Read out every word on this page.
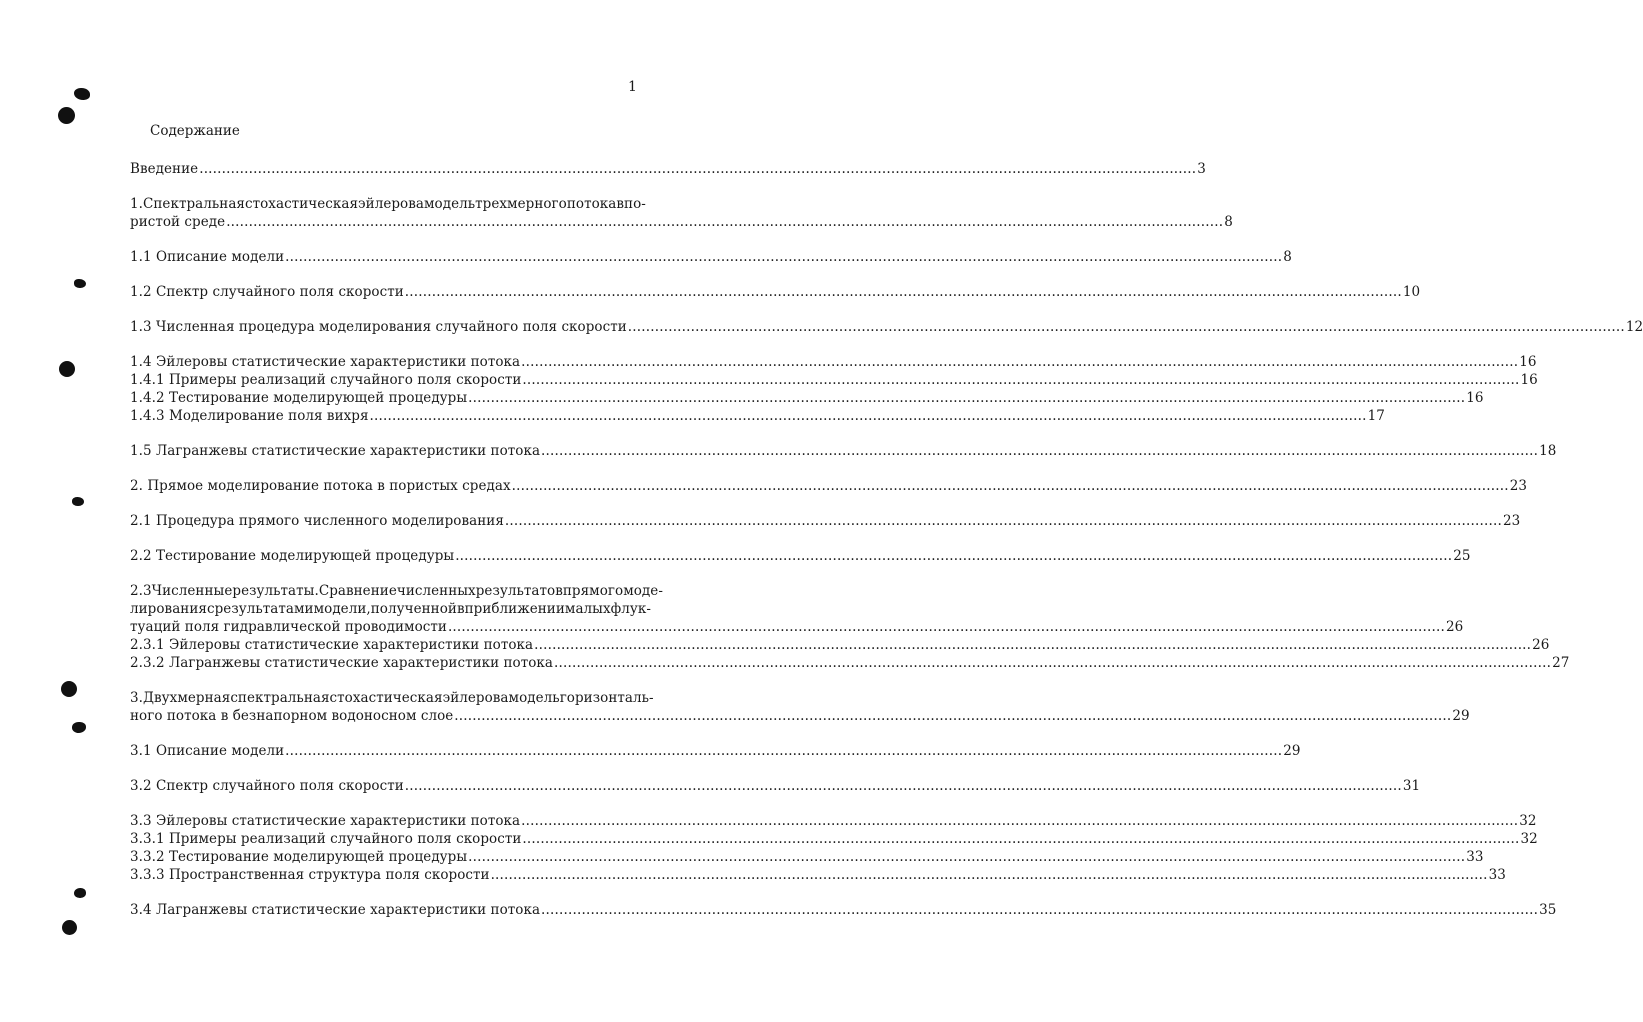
1
Содержание
Введение .....	3
1. Спектральная стохастическая эйлерова модель трехмерного потока в по-
ристой среде .....	8
1.1 Описание модели .....	8
1.2 Спектр случайного поля скорости .....	10
1.3 Численная процедура моделирования случайного поля скорости .....	12
1.4 Эйлеровы статистические характеристики потока .....	16
1.4.1 Примеры реализаций случайного поля скорости .....	16
1.4.2 Тестирование моделирующей процедуры .....	16
1.4.3 Моделирование поля вихря .....	17
1.5 Лагранжевы статистические характеристики потока .....	18
2. Прямое моделирование потока в пористых средах .....	23
2.1 Процедура прямого численного моделирования .....	23
2.2 Тестирование моделирующей процедуры .....	25
2.3 Численные результаты. Сравнение численных результатов прямого моде-
лирования с результатами модели, полученной в приближении малых флук-
туаций поля гидравлической проводимости .....	26
2.3.1 Эйлеровы статистические характеристики потока .....	26
2.3.2 Лагранжевы статистические характеристики потока .....	27
3. Двухмерная спектральная стохастическая эйлерова модель горизонталь-
ного потока в безнапорном водоносном слое .....	29
3.1 Описание модели .....	29
3.2 Спектр случайного поля скорости .....	31
3.3 Эйлеровы статистические характеристики потока .....	32
3.3.1 Примеры реализаций случайного поля скорости .....	32
3.3.2 Тестирование моделирующей процедуры .....	33
3.3.3 Пространственная структура поля скорости .....	33
3.4 Лагранжевы статистические характеристики потока .....	35
